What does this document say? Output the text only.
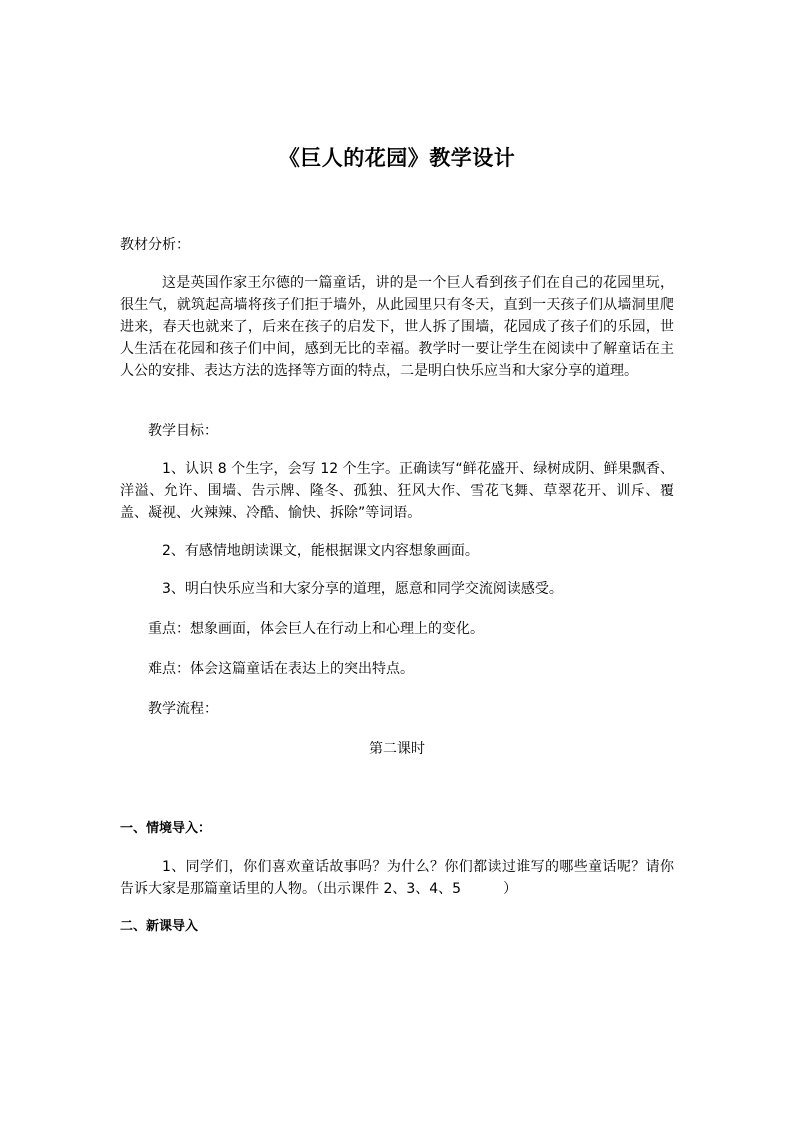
《巨人的花园》教学设计

教材分析：

这是英国作家王尔德的一篇童话，讲的是一个巨人看到孩子们在自己的花园里玩，很生气，就筑起高墙将孩子们拒于墙外，从此园里只有冬天，直到一天孩子们从墙洞里爬进来，春天也就来了，后来在孩子的启发下，世人拆了围墙，花园成了孩子们的乐园，世人生活在花园和孩子们中间，感到无比的幸福。教学时一要让学生在阅读中了解童话在主人公的安排、表达方法的选择等方面的特点，二是明白快乐应当和大家分享的道理。

教学目标：

1、认识 8 个生字，会写 12 个生字。正确读写“鲜花盛开、绿树成阴、鲜果飘香、洋溢、允许、围墙、告示牌、隆冬、孤独、狂风大作、雪花飞舞、草翠花开、训斥、覆盖、凝视、火辣辣、冷酷、愉快、拆除”等词语。

2、有感情地朗读课文，能根据课文内容想象画面。

3、明白快乐应当和大家分享的道理，愿意和同学交流阅读感受。

重点：想象画面，体会巨人在行动上和心理上的变化。

难点：体会这篇童话在表达上的突出特点。

教学流程：

第二课时

一、情境导入：

1、同学们，你们喜欢童话故事吗？为什么？你们都读过谁写的哪些童话呢？请你告诉大家是那篇童话里的人物。（出示课件 2、3、4、5　　　）

二、新课导入
